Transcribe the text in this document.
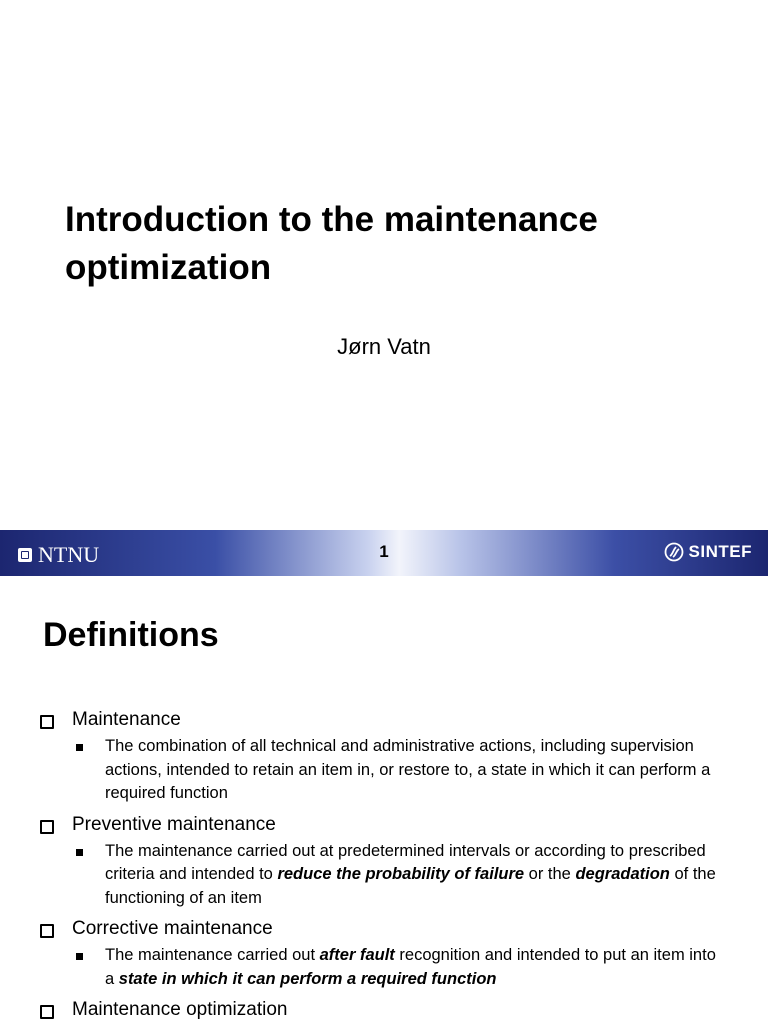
Introduction to the maintenance optimization
Jørn Vatn
NTNU	1	SINTEF
Definitions
Maintenance
The combination of all technical and administrative actions, including supervision actions, intended to retain an item in, or restore to, a state in which it can perform a required function
Preventive maintenance
The maintenance carried out at predetermined intervals or according to prescribed criteria and intended to reduce the probability of failure or the degradation of the functioning of an item
Corrective maintenance
The maintenance carried out after fault recognition and intended to put an item into a state in which it can perform a required function
Maintenance optimization
